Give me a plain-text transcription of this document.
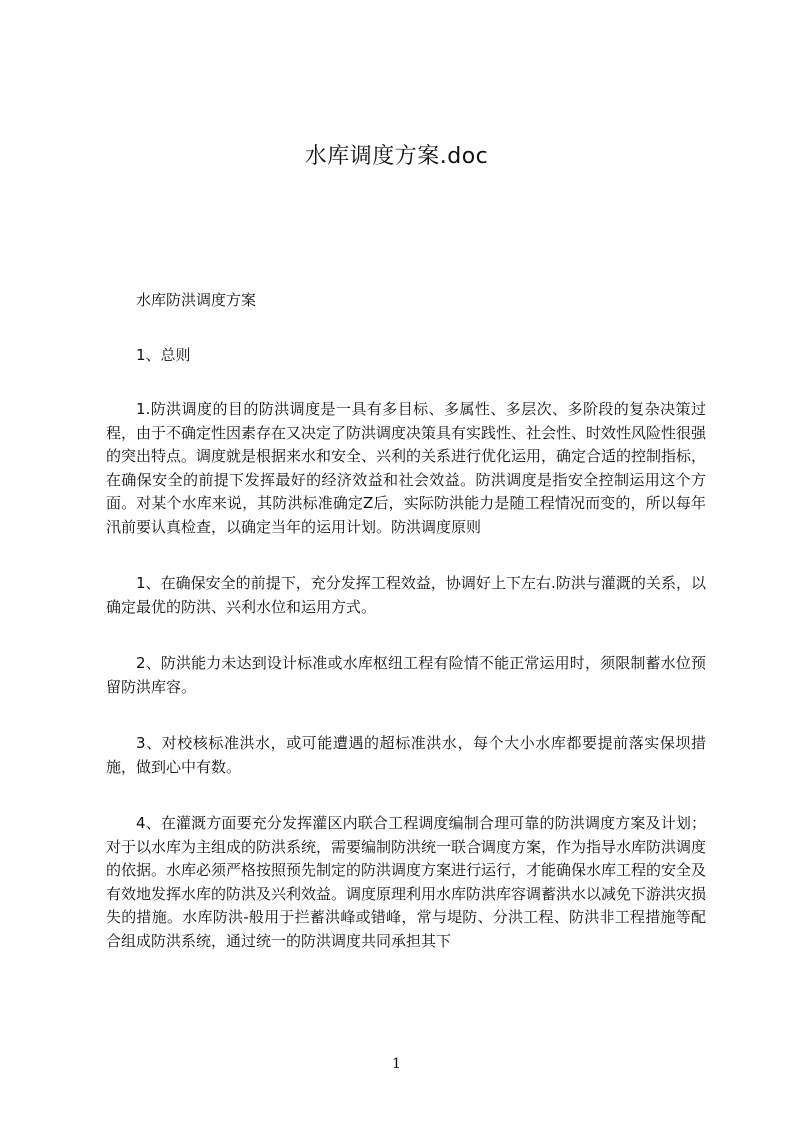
水库调度方案.doc

水库防洪调度方案

1、总则

1.防洪调度的目的防洪调度是一具有多目标、多属性、多层次、多阶段的复杂决策过程，由于不确定性因素存在又决定了防洪调度决策具有实践性、社会性、时效性风险性很强的突出特点。调度就是根据来水和安全、兴利的关系进行优化运用，确定合适的控制指标，在确保安全的前提下发挥最好的经济效益和社会效益。防洪调度是指安全控制运用这个方面。对某个水库来说，其防洪标准确定Z后，实际防洪能力是随工程情况而变的，所以每年汛前要认真检查，以确定当年的运用计划。防洪调度原则

1、在确保安全的前提下，充分发挥工程效益，协调好上下左右.防洪与灌溉的关系，以确定最优的防洪、兴利水位和运用方式。

2、防洪能力未达到设计标准或水库枢纽工程有险情不能正常运用时，须限制蓄水位预留防洪库容。

3、对校核标准洪水，或可能遭遇的超标准洪水，每个大小水库都要提前落实保坝措施，做到心中有数。

4、在灌溉方面要充分发挥灌区内联合工程调度编制合理可靠的防洪调度方案及计划；对于以水库为主组成的防洪系统，需要编制防洪统一联合调度方案，作为指导水库防洪调度的依据。水库必须严格按照预先制定的防洪调度方案进行运行，才能确保水库工程的安全及有效地发挥水库的防洪及兴利效益。调度原理利用水库防洪库容调蓄洪水以减免下游洪灾损失的措施。水库防洪-般用于拦蓄洪峰或错峰，常与堤防、分洪工程、防洪非工程措施等配合组成防洪系统，通过统一的防洪调度共同承担其下

1
